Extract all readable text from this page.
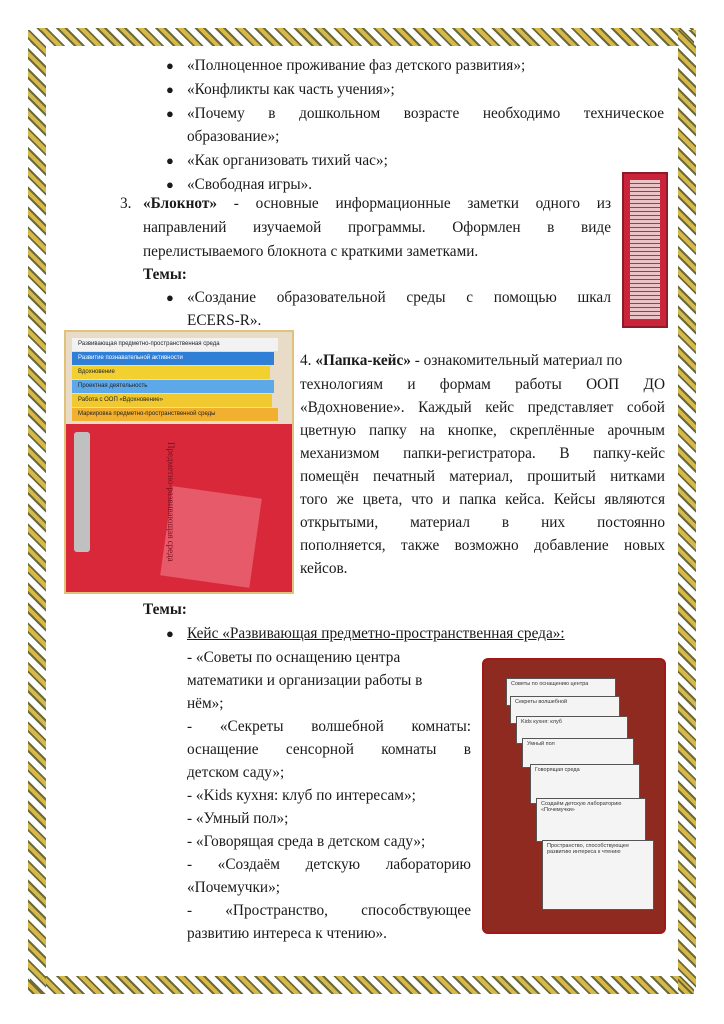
● «Полноценное проживание фаз детского развития»;
● «Конфликты как часть учения»;
● «Почему в дошкольном возрасте необходимо техническое
образование»;
● «Как организовать тихий час»;
● «Свободная игры».
3. «Блокнот» - основные информационные заметки одного из
направлений изучаемой программы. Оформлен в виде
перелистываемого блокнота с краткими заметками.
Темы:
● «Создание образовательной среды с помощью шкал
ECERS-R».
Развивающая предметно-пространственная среда
Развитие познавательной активности
Вдохновение
Проектная деятельность
Работа с ООП «Вдохновение»
Маркировка предметно-пространственной среды
Предметно-развивающая среда
4. «Папка-кейс» - ознакомительный материал по
технологиям и формам работы ООП ДО
«Вдохновение». Каждый кейс представляет собой
цветную папку на кнопке, скреплённые арочным
механизмом папки-регистратора. В папку-кейс
помещён печатный материал, прошитый нитками
того же цвета, что и папка кейса. Кейсы являются
открытыми, материал в них постоянно
пополняется, также возможно добавление новых
кейсов.
Темы:
● Кейс «Развивающая предметно-пространственная среда»:
- «Советы по оснащению центра
математики и организации работы в
нём»;
- «Секреты волшебной комнаты:
оснащение сенсорной комнаты в
детском саду»;
- «Kids кухня: клуб по интересам»;
- «Умный пол»;
- «Говорящая среда в детском саду»;
- «Создаём детскую лабораторию
«Почемучки»;
- «Пространство, способствующее
развитию интереса к чтению».
Советы по оснащению центра
Секреты волшебной
Kids кухня: клуб
Умный пол
Говорящая среда
Создаём детскую лабораторию «Почемучки»
Пространство, способствующее развитию интереса к чтению
